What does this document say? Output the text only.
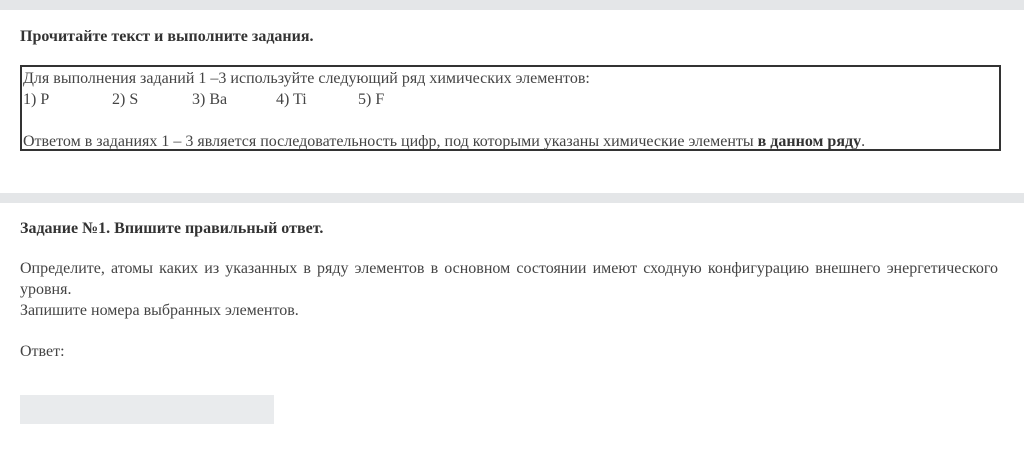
Прочитайте текст и выполните задания.
Для выполнения заданий 1 –3 используйте следующий ряд химических элементов:
1) P	2) S	3) Ba	4) Ti	5) F
Ответом в заданиях 1 – 3 является последовательность цифр, под которыми указаны химические элементы в данном ряду.
Задание №1. Впишите правильный ответ.
Определите, атомы каких из указанных в ряду элементов в основном состоянии имеют сходную конфигурацию внешнего энергетического уровня.
Запишите номера выбранных элементов.
Ответ:
